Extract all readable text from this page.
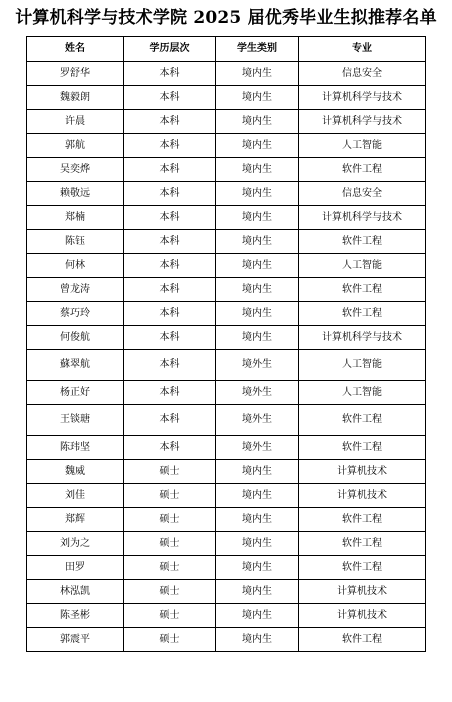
计算机科学与技术学院 2025 届优秀毕业生拟推荐名单
姓名	学历层次	学生类别	专业
罗舒华	本科	境内生	信息安全
魏毅朗	本科	境内生	计算机科学与技术
许晨	本科	境内生	计算机科学与技术
郭航	本科	境内生	人工智能
吴奕烨	本科	境内生	软件工程
赖敬远	本科	境内生	信息安全
郑楠	本科	境内生	计算机科学与技术
陈钰	本科	境内生	软件工程
何林	本科	境内生	人工智能
曾龙涛	本科	境内生	软件工程
蔡巧玲	本科	境内生	软件工程
何俊航	本科	境内生	计算机科学与技术
蘇翠航	本科	境外生	人工智能
杨正好	本科	境外生	人工智能
王锬瑭	本科	境外生	软件工程
陈玮坚	本科	境外生	软件工程
魏威	硕士	境内生	计算机技术
刘佳	硕士	境内生	计算机技术
郑辉	硕士	境内生	软件工程
刘为之	硕士	境内生	软件工程
田罗	硕士	境内生	软件工程
林泓凯	硕士	境内生	计算机技术
陈圣彬	硕士	境内生	计算机技术
郭震平	硕士	境内生	软件工程
